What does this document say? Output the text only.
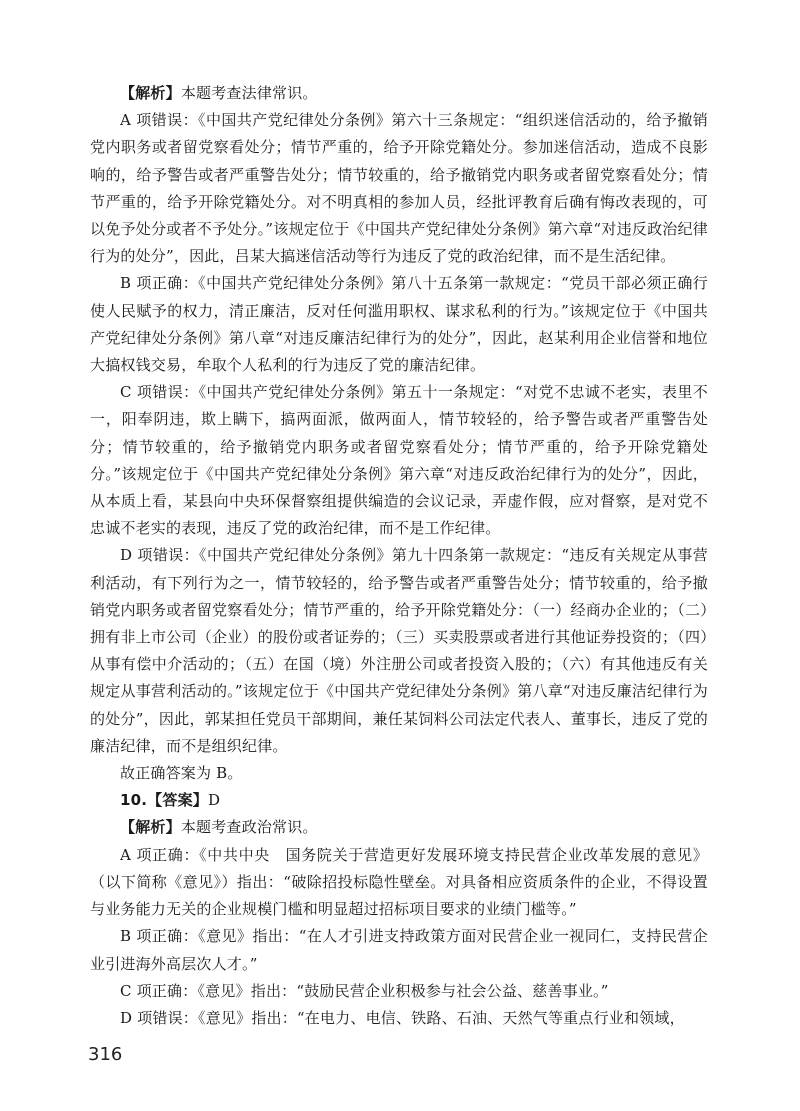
【解析】本题考查法律常识。

A 项错误：《中国共产党纪律处分条例》第六十三条规定：“组织迷信活动的，给予撤销党内职务或者留党察看处分；情节严重的，给予开除党籍处分。参加迷信活动，造成不良影响的，给予警告或者严重警告处分；情节较重的，给予撤销党内职务或者留党察看处分；情节严重的，给予开除党籍处分。对不明真相的参加人员，经批评教育后确有悔改表现的，可以免予处分或者不予处分。”该规定位于《中国共产党纪律处分条例》第六章“对违反政治纪律行为的处分”，因此，吕某大搞迷信活动等行为违反了党的政治纪律，而不是生活纪律。

B 项正确：《中国共产党纪律处分条例》第八十五条第一款规定：“党员干部必须正确行使人民赋予的权力，清正廉洁，反对任何滥用职权、谋求私利的行为。”该规定位于《中国共产党纪律处分条例》第八章“对违反廉洁纪律行为的处分”，因此，赵某利用企业信誉和地位大搞权钱交易，牟取个人私利的行为违反了党的廉洁纪律。

C 项错误：《中国共产党纪律处分条例》第五十一条规定：“对党不忠诚不老实，表里不一，阳奉阴违，欺上瞒下，搞两面派，做两面人，情节较轻的，给予警告或者严重警告处分；情节较重的，给予撤销党内职务或者留党察看处分；情节严重的，给予开除党籍处分。”该规定位于《中国共产党纪律处分条例》第六章“对违反政治纪律行为的处分”，因此，从本质上看，某县向中央环保督察组提供编造的会议记录，弄虚作假，应对督察，是对党不忠诚不老实的表现，违反了党的政治纪律，而不是工作纪律。

D 项错误：《中国共产党纪律处分条例》第九十四条第一款规定：“违反有关规定从事营利活动，有下列行为之一，情节较轻的，给予警告或者严重警告处分；情节较重的，给予撤销党内职务或者留党察看处分；情节严重的，给予开除党籍处分：（一）经商办企业的；（二）拥有非上市公司（企业）的股份或者证券的；（三）买卖股票或者进行其他证券投资的；（四）从事有偿中介活动的；（五）在国（境）外注册公司或者投资入股的；（六）有其他违反有关规定从事营利活动的。”该规定位于《中国共产党纪律处分条例》第八章“对违反廉洁纪律行为的处分”，因此，郭某担任党员干部期间，兼任某饲料公司法定代表人、董事长，违反了党的廉洁纪律，而不是组织纪律。

故正确答案为 B。

10.【答案】D

【解析】本题考查政治常识。

A 项正确：《中共中央　国务院关于营造更好发展环境支持民营企业改革发展的意见》（以下简称《意见》）指出：“破除招投标隐性壁垒。对具备相应资质条件的企业，不得设置与业务能力无关的企业规模门槛和明显超过招标项目要求的业绩门槛等。”

B 项正确：《意见》指出：“在人才引进支持政策方面对民营企业一视同仁，支持民营企业引进海外高层次人才。”

C 项正确：《意见》指出：“鼓励民营企业积极参与社会公益、慈善事业。”

D 项错误：《意见》指出：“在电力、电信、铁路、石油、天然气等重点行业和领域，

316
